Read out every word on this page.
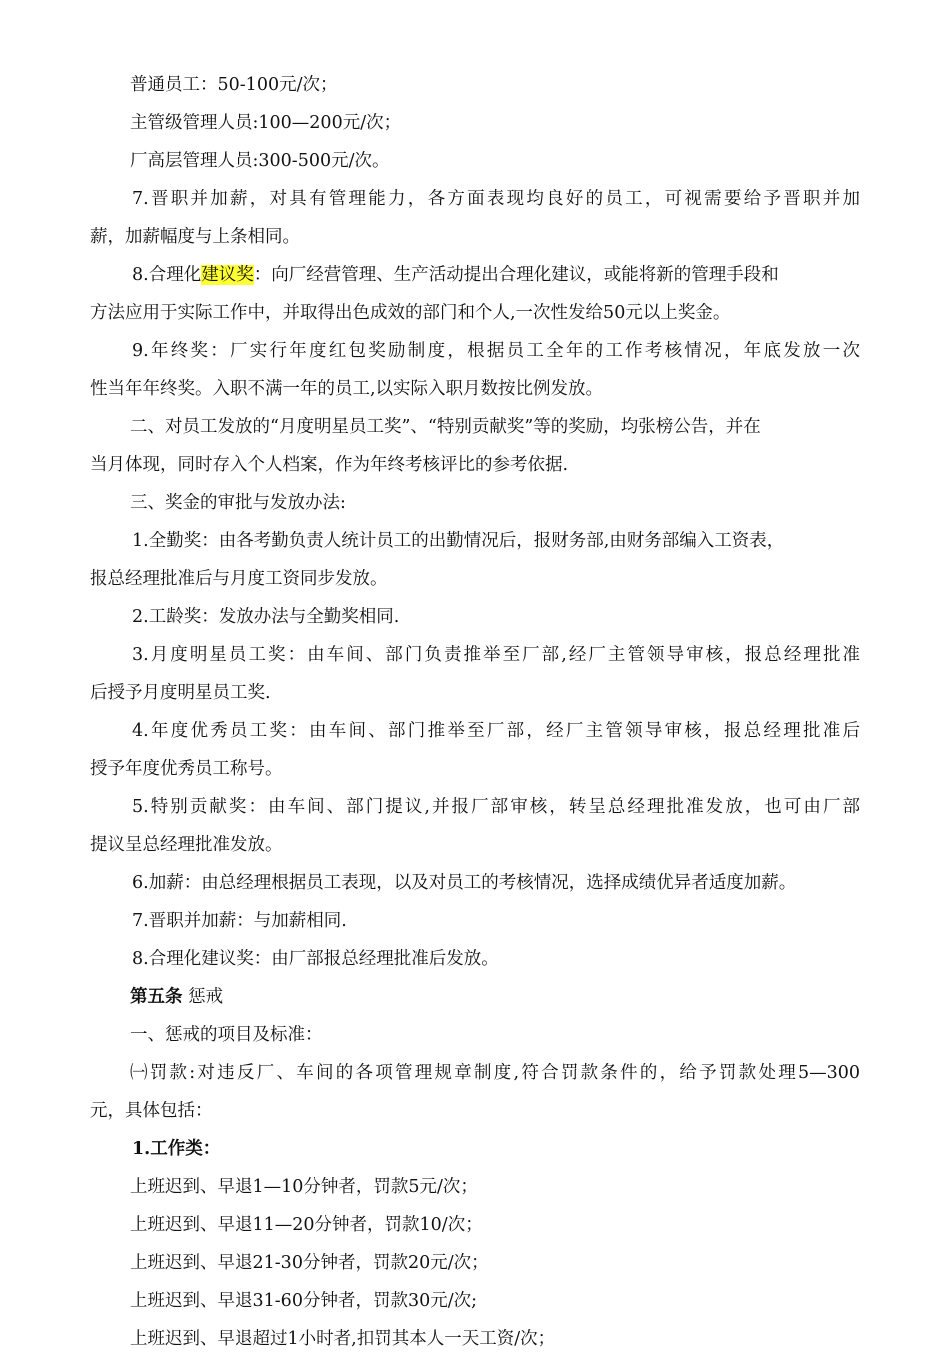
普通员工：50-100元/次；
主管级管理人员:100—200元/次；
厂高层管理人员:300-500元/次。
7.晋职并加薪，对具有管理能力，各方面表现均良好的员工，可视需要给予晋职并加
薪，加薪幅度与上条相同。
8.合理化建议奖：向厂经营管理、生产活动提出合理化建议，或能将新的管理手段和
方法应用于实际工作中，并取得出色成效的部门和个人,一次性发给50元以上奖金。
9.年终奖：厂实行年度红包奖励制度，根据员工全年的工作考核情况，年底发放一次
性当年年终奖。入职不满一年的员工,以实际入职月数按比例发放。
二、对员工发放的“月度明星员工奖”、“特别贡献奖”等的奖励，均张榜公告，并在
当月体现，同时存入个人档案，作为年终考核评比的参考依据.
三、奖金的审批与发放办法:
1.全勤奖：由各考勤负责人统计员工的出勤情况后，报财务部,由财务部编入工资表，
报总经理批准后与月度工资同步发放。
2.工龄奖：发放办法与全勤奖相同.
3.月度明星员工奖：由车间、部门负责推举至厂部,经厂主管领导审核，报总经理批准
后授予月度明星员工奖.
4.年度优秀员工奖：由车间、部门推举至厂部，经厂主管领导审核，报总经理批准后
授予年度优秀员工称号。
5.特别贡献奖：由车间、部门提议,并报厂部审核，转呈总经理批准发放，也可由厂部
提议呈总经理批准发放。
6.加薪：由总经理根据员工表现，以及对员工的考核情况，选择成绩优异者适度加薪。
7.晋职并加薪：与加薪相同.
8.合理化建议奖：由厂部报总经理批准后发放。
第五条 惩戒
一、惩戒的项目及标准：
㈠罚款:对违反厂、车间的各项管理规章制度,符合罚款条件的，给予罚款处理5—300
元，具体包括：
1.工作类：
上班迟到、早退1—10分钟者，罚款5元/次；
上班迟到、早退11—20分钟者，罚款10/次；
上班迟到、早退21-30分钟者，罚款20元/次；
上班迟到、早退31-60分钟者，罚款30元/次;
上班迟到、早退超过1小时者,扣罚其本人一天工资/次；
